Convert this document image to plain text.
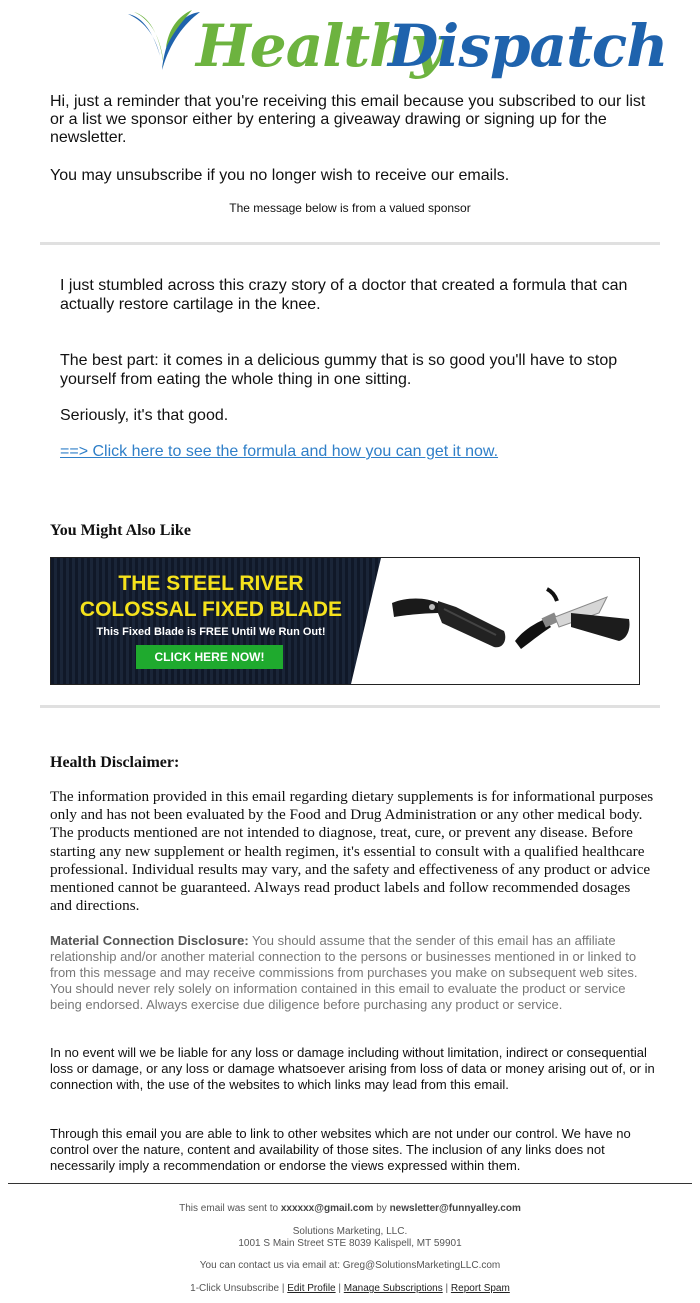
Healthy
Dispatch

Hi, just a reminder that you're receiving this email because you subscribed to our list or a list we sponsor either by entering a giveaway drawing or signing up for the newsletter.

You may unsubscribe if you no longer wish to receive our emails.

The message below is from a valued sponsor

I just stumbled across this crazy story of a doctor that created a formula that can actually restore cartilage in the knee.

The best part: it comes in a delicious gummy that is so good you'll have to stop yourself from eating the whole thing in one sitting.

Seriously, it's that good.

==> Click here to see the formula and how you can get it now.
You Might Also Like
THE STEEL RIVER
COLOSSAL FIXED BLADE
This Fixed Blade is FREE Until We Run Out!
CLICK HERE NOW!
Health Disclaimer:

The information provided in this email regarding dietary supplements is for informational purposes only and has not been evaluated by the Food and Drug Administration or any other medical body. The products mentioned are not intended to diagnose, treat, cure, or prevent any disease. Before starting any new supplement or health regimen, it's essential to consult with a qualified healthcare professional. Individual results may vary, and the safety and effectiveness of any product or advice mentioned cannot be guaranteed. Always read product labels and follow recommended dosages and directions.

Material Connection Disclosure: You should assume that the sender of this email has an affiliate relationship and/or another material connection to the persons or businesses mentioned in or linked to from this message and may receive commissions from purchases you make on subsequent web sites. You should never rely solely on information contained in this email to evaluate the product or service being endorsed. Always exercise due diligence before purchasing any product or service.

In no event will we be liable for any loss or damage including without limitation, indirect or consequential loss or damage, or any loss or damage whatsoever arising from loss of data or money arising out of, or in connection with, the use of the websites to which links may lead from this email.

Through this email you are able to link to other websites which are not under our control. We have no control over the nature, content and availability of those sites. The inclusion of any links does not necessarily imply a recommendation or endorse the views expressed within them.

This email was sent to xxxxxx@gmail.com by newsletter@funnyalley.com

Solutions Marketing, LLC.

1001 S Main Street STE 8039 Kalispell, MT 59901

You can contact us via email at: Greg@SolutionsMarketingLLC.com

1-Click Unsubscribe | Edit Profile | Manage Subscriptions | Report Spam
